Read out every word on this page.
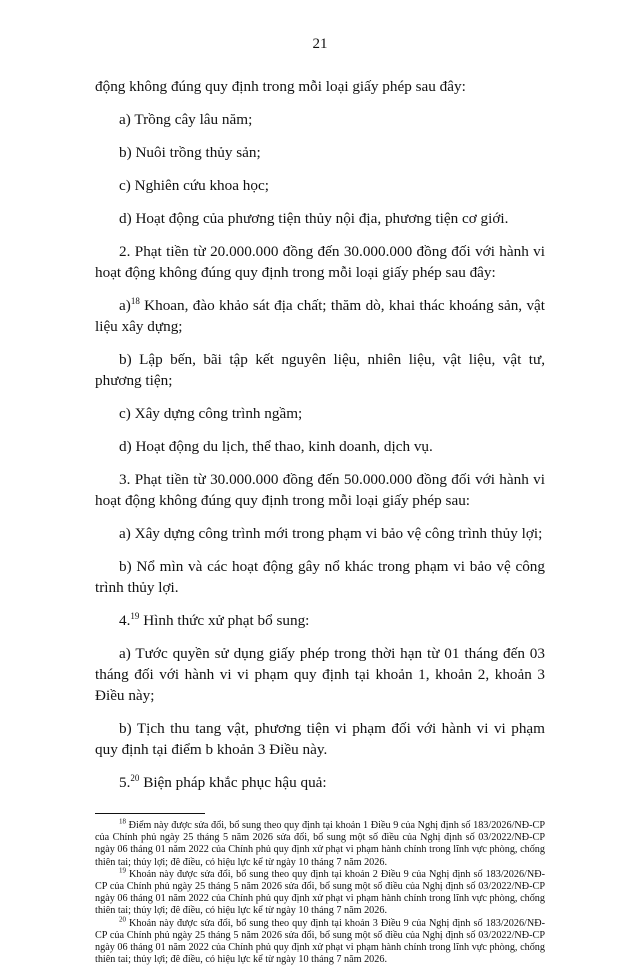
21

động không đúng quy định trong mỗi loại giấy phép sau đây:

a) Trồng cây lâu năm;

b) Nuôi trồng thủy sản;

c) Nghiên cứu khoa học;

d) Hoạt động của phương tiện thủy nội địa, phương tiện cơ giới.

2. Phạt tiền từ 20.000.000 đồng đến 30.000.000 đồng đối với hành vi hoạt động không đúng quy định trong mỗi loại giấy phép sau đây:

a)$^{18}$ Khoan, đào khảo sát địa chất; thăm dò, khai thác khoáng sản, vật liệu xây dựng;

b) Lập bến, bãi tập kết nguyên liệu, nhiên liệu, vật liệu, vật tư, phương tiện;

c) Xây dựng công trình ngầm;

d) Hoạt động du lịch, thể thao, kinh doanh, dịch vụ.

3. Phạt tiền từ 30.000.000 đồng đến 50.000.000 đồng đối với hành vi hoạt động không đúng quy định trong mỗi loại giấy phép sau:

a) Xây dựng công trình mới trong phạm vi bảo vệ công trình thủy lợi;

b) Nổ mìn và các hoạt động gây nổ khác trong phạm vi bảo vệ công trình thủy lợi.

4.19 Hình thức xử phạt bổ sung:

a) Tước quyền sử dụng giấy phép trong thời hạn từ 01 tháng đến 03 tháng đối với hành vi vi phạm quy định tại khoản 1, khoản 2, khoản 3 Điều này;

b) Tịch thu tang vật, phương tiện vi phạm đối với hành vi vi phạm quy định tại điểm b khoản 3 Điều này.

5.20 Biện pháp khắc phục hậu quả:

$^{18}$ Điểm này được sửa đổi, bổ sung theo quy định tại khoản 1 Điều 9 của Nghị định số 183/2026/NĐ-CP của Chính phủ ngày 25 tháng 5 năm 2026 sửa đổi, bổ sung một số điều của Nghị định số 03/2022/NĐ-CP ngày 06 tháng 01 năm 2022 của Chính phủ quy định xử phạt vi phạm hành chính trong lĩnh vực phòng, chống thiên tai; thủy lợi; đê điều, có hiệu lực kể từ ngày 10 tháng 7 năm 2026.

$^{19}$ Khoản này được sửa đổi, bổ sung theo quy định tại khoản 2 Điều 9 của Nghị định số 183/2026/NĐ-CP của Chính phủ ngày 25 tháng 5 năm 2026 sửa đổi, bổ sung một số điều của Nghị định số 03/2022/NĐ-CP ngày 06 tháng 01 năm 2022 của Chính phủ quy định xử phạt vi phạm hành chính trong lĩnh vực phòng, chống thiên tai; thủy lợi; đê điều, có hiệu lực kể từ ngày 10 tháng 7 năm 2026.

$^{20}$ Khoản này được sửa đổi, bổ sung theo quy định tại khoản 3 Điều 9 của Nghị định số 183/2026/NĐ-CP của Chính phủ ngày 25 tháng 5 năm 2026 sửa đổi, bổ sung một số điều của Nghị định số 03/2022/NĐ-CP ngày 06 tháng 01 năm 2022 của Chính phủ quy định xử phạt vi phạm hành chính trong lĩnh vực phòng, chống thiên tai; thủy lợi; đê điều, có hiệu lực kể từ ngày 10 tháng 7 năm 2026.
